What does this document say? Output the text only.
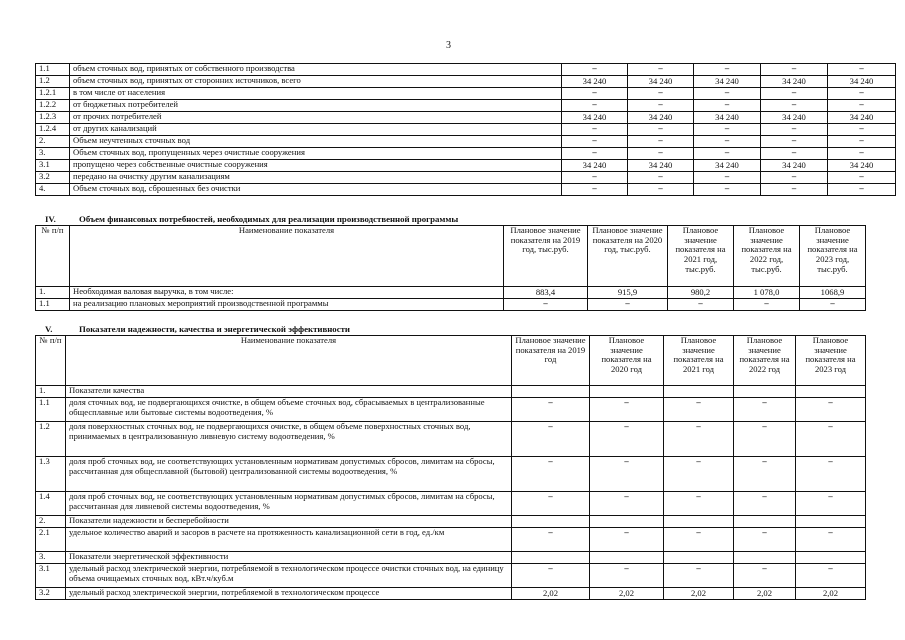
3
1.1	объем сточных вод, принятых от собственного производства	–	–	–	–	–
1.2	объем сточных вод, принятых от сторонних источников, всего	34 240	34 240	34 240	34 240	34 240
1.2.1	в том числе от населения	–	–	–	–	–
1.2.2	от бюджетных потребителей	–	–	–	–	–
1.2.3	от прочих потребителей	34 240	34 240	34 240	34 240	34 240
1.2.4	от других канализаций	–	–	–	–	–
2.	Объем неучтенных сточных вод	–	–	–	–	–
3.	Объем сточных вод, пропущенных через очистные сооружения	–	–	–	–	–
3.1	пропущено через собственные очистные сооружения	34 240	34 240	34 240	34 240	34 240
3.2	передано на очистку другим канализациям	–	–	–	–	–
4.	Объем сточных вод, сброшенных без очистки	–	–	–	–	–
IV.	Объем финансовых потребностей, необходимых для реализации производственной программы
№ п/п	Наименование показателя	Плановое значение показателя на 2019 год, тыс.руб.	Плановое значение показателя на 2020 год, тыс.руб.	Плановое значение показателя на 2021 год, тыс.руб.	Плановое значение показателя на 2022 год, тыс.руб.	Плановое значение показателя на 2023 год, тыс.руб.
1.	Необходимая валовая выручка, в том числе:	883,4	915,9	980,2	1 078,0	1068,9
1.1	на реализацию плановых мероприятий производственной программы	–	–	–	–	–
V.	Показатели надежности, качества и энергетической эффективности
№ п/п	Наименование показателя	Плановое значение показателя на 2019 год	Плановое значение показателя на 2020 год	Плановое значение показателя на 2021 год	Плановое значение показателя на 2022 год	Плановое значение показателя на 2023 год
1.	Показатели качества					
1.1	доля сточных вод, не подвергающихся очистке, в общем объеме сточных вод, сбрасываемых в централизованные общесплавные или бытовые системы водоотведения, %	–	–	–	–	–
1.2	доля поверхностных сточных вод, не подвергающихся очистке, в общем объеме поверхностных сточных вод, принимаемых в централизованную ливневую систему водоотведения, %	–	–	–	–	–
1.3	доля проб сточных вод, не соответствующих установленным нормативам допустимых сбросов, лимитам на сбросы, рассчитанная для общесплавной (бытовой) централизованной системы водоотведения, %	–	–	–	–	–
1.4	доля проб сточных вод, не соответствующих установленным нормативам допустимых сбросов, лимитам на сбросы, рассчитанная для ливневой системы водоотведения, %	–	–	–	–	–
2.	Показатели надежности и бесперебойности					
2.1	удельное количество аварий и засоров в расчете на протяженность канализационной сети в год, ед./км	–	–	–	–	–
3.	Показатели энергетической эффективности					
3.1	удельный расход электрической энергии, потребляемой в технологическом процессе очистки сточных вод, на единицу объема очищаемых сточных вод, кВт.ч/куб.м	–	–	–	–	–
3.2	удельный расход электрической энергии, потребляемой в технологическом процессе	2,02	2,02	2,02	2,02	2,02
